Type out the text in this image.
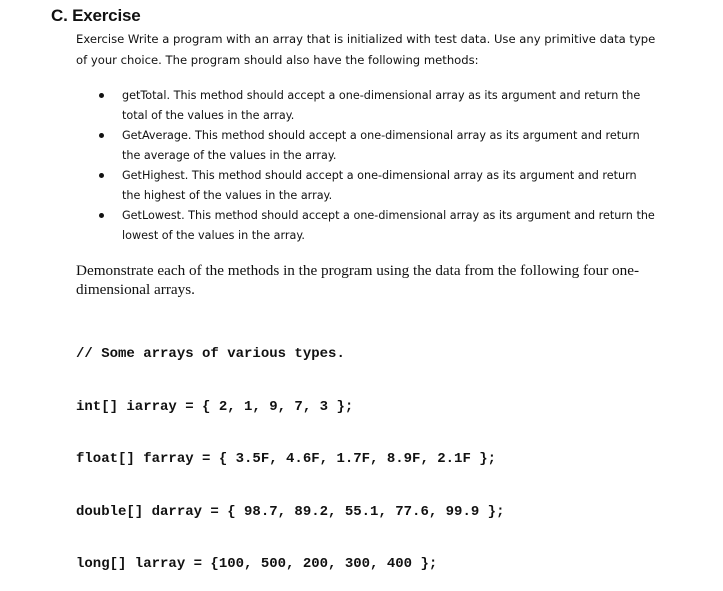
C. Exercise

Exercise Write a program with an array that is initialized with test data. Use any primitive data type of your choice. The program should also have the following methods:

getTotal. This method should accept a one-dimensional array as its argument and return the total of the values in the array.
GetAverage. This method should accept a one-dimensional array as its argument and return the average of the values in the array.
GetHighest. This method should accept a one-dimensional array as its argument and return the highest of the values in the array.
GetLowest. This method should accept a one-dimensional array as its argument and return the lowest of the values in the array.

Demonstrate each of the methods in the program using the data from the following four one-dimensional arrays.

// Some arrays of various types.

int[] iarray = { 2, 1, 9, 7, 3 };

float[] farray = { 3.5F, 4.6F, 1.7F, 8.9F, 2.1F };

double[] darray = { 98.7, 89.2, 55.1, 77.6, 99.9 };

long[] larray = {100, 500, 200, 300, 400 };
